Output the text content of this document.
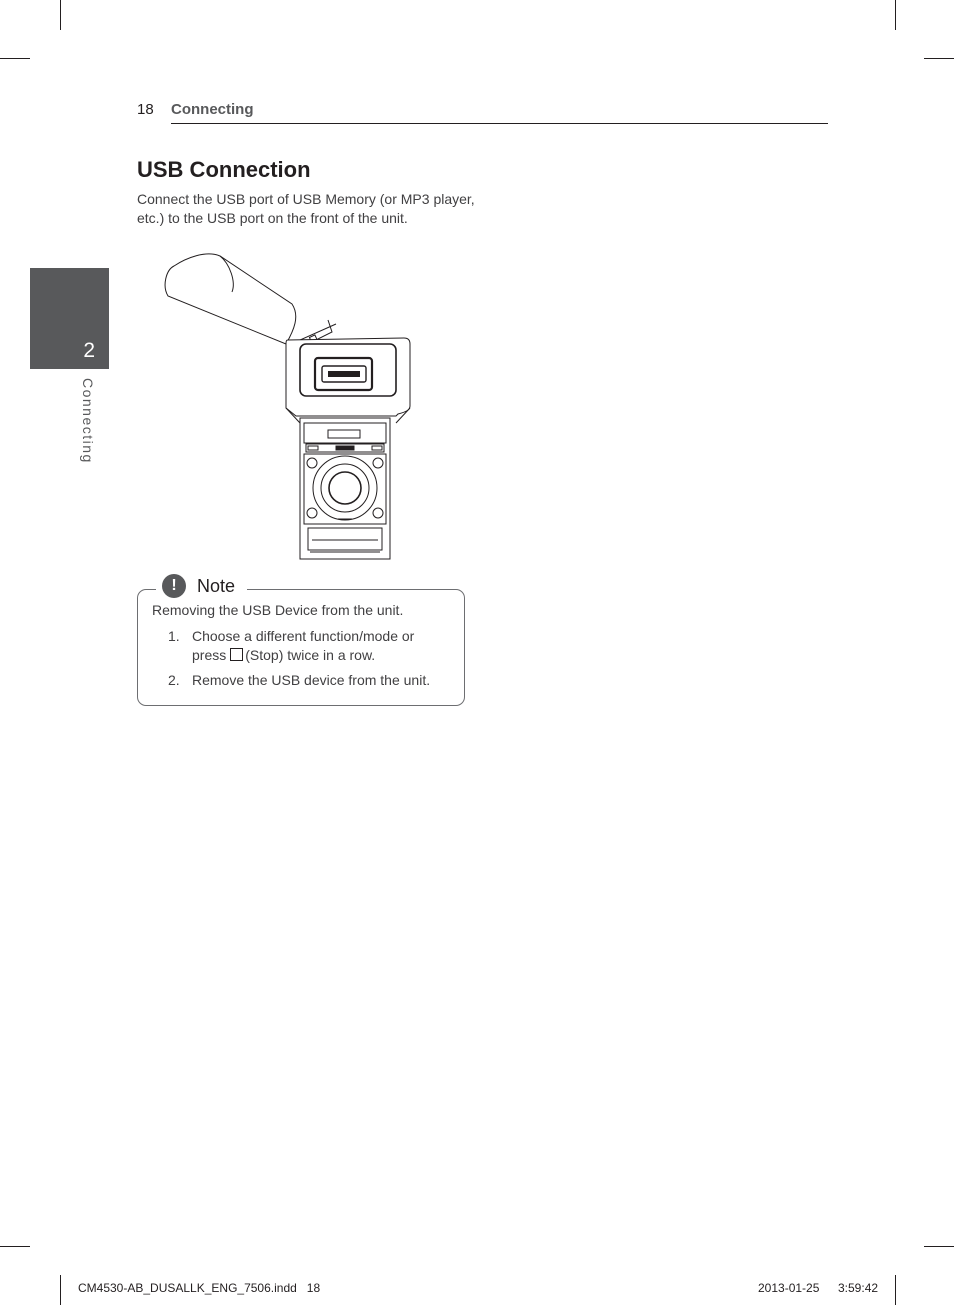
18 Connecting
2
Connecting
USB Connection

Connect the USB port of USB Memory (or MP3 player, etc.) to the USB port on the front of the unit.

!	Note

Removing the USB Device from the unit.

1. Choose a different function/mode or press (Stop) twice in a row.
2. Remove the USB device from the unit.
CM4530-AB_DUSALLK_ENG_7506.indd   18	2013-01-25 3:59:42
